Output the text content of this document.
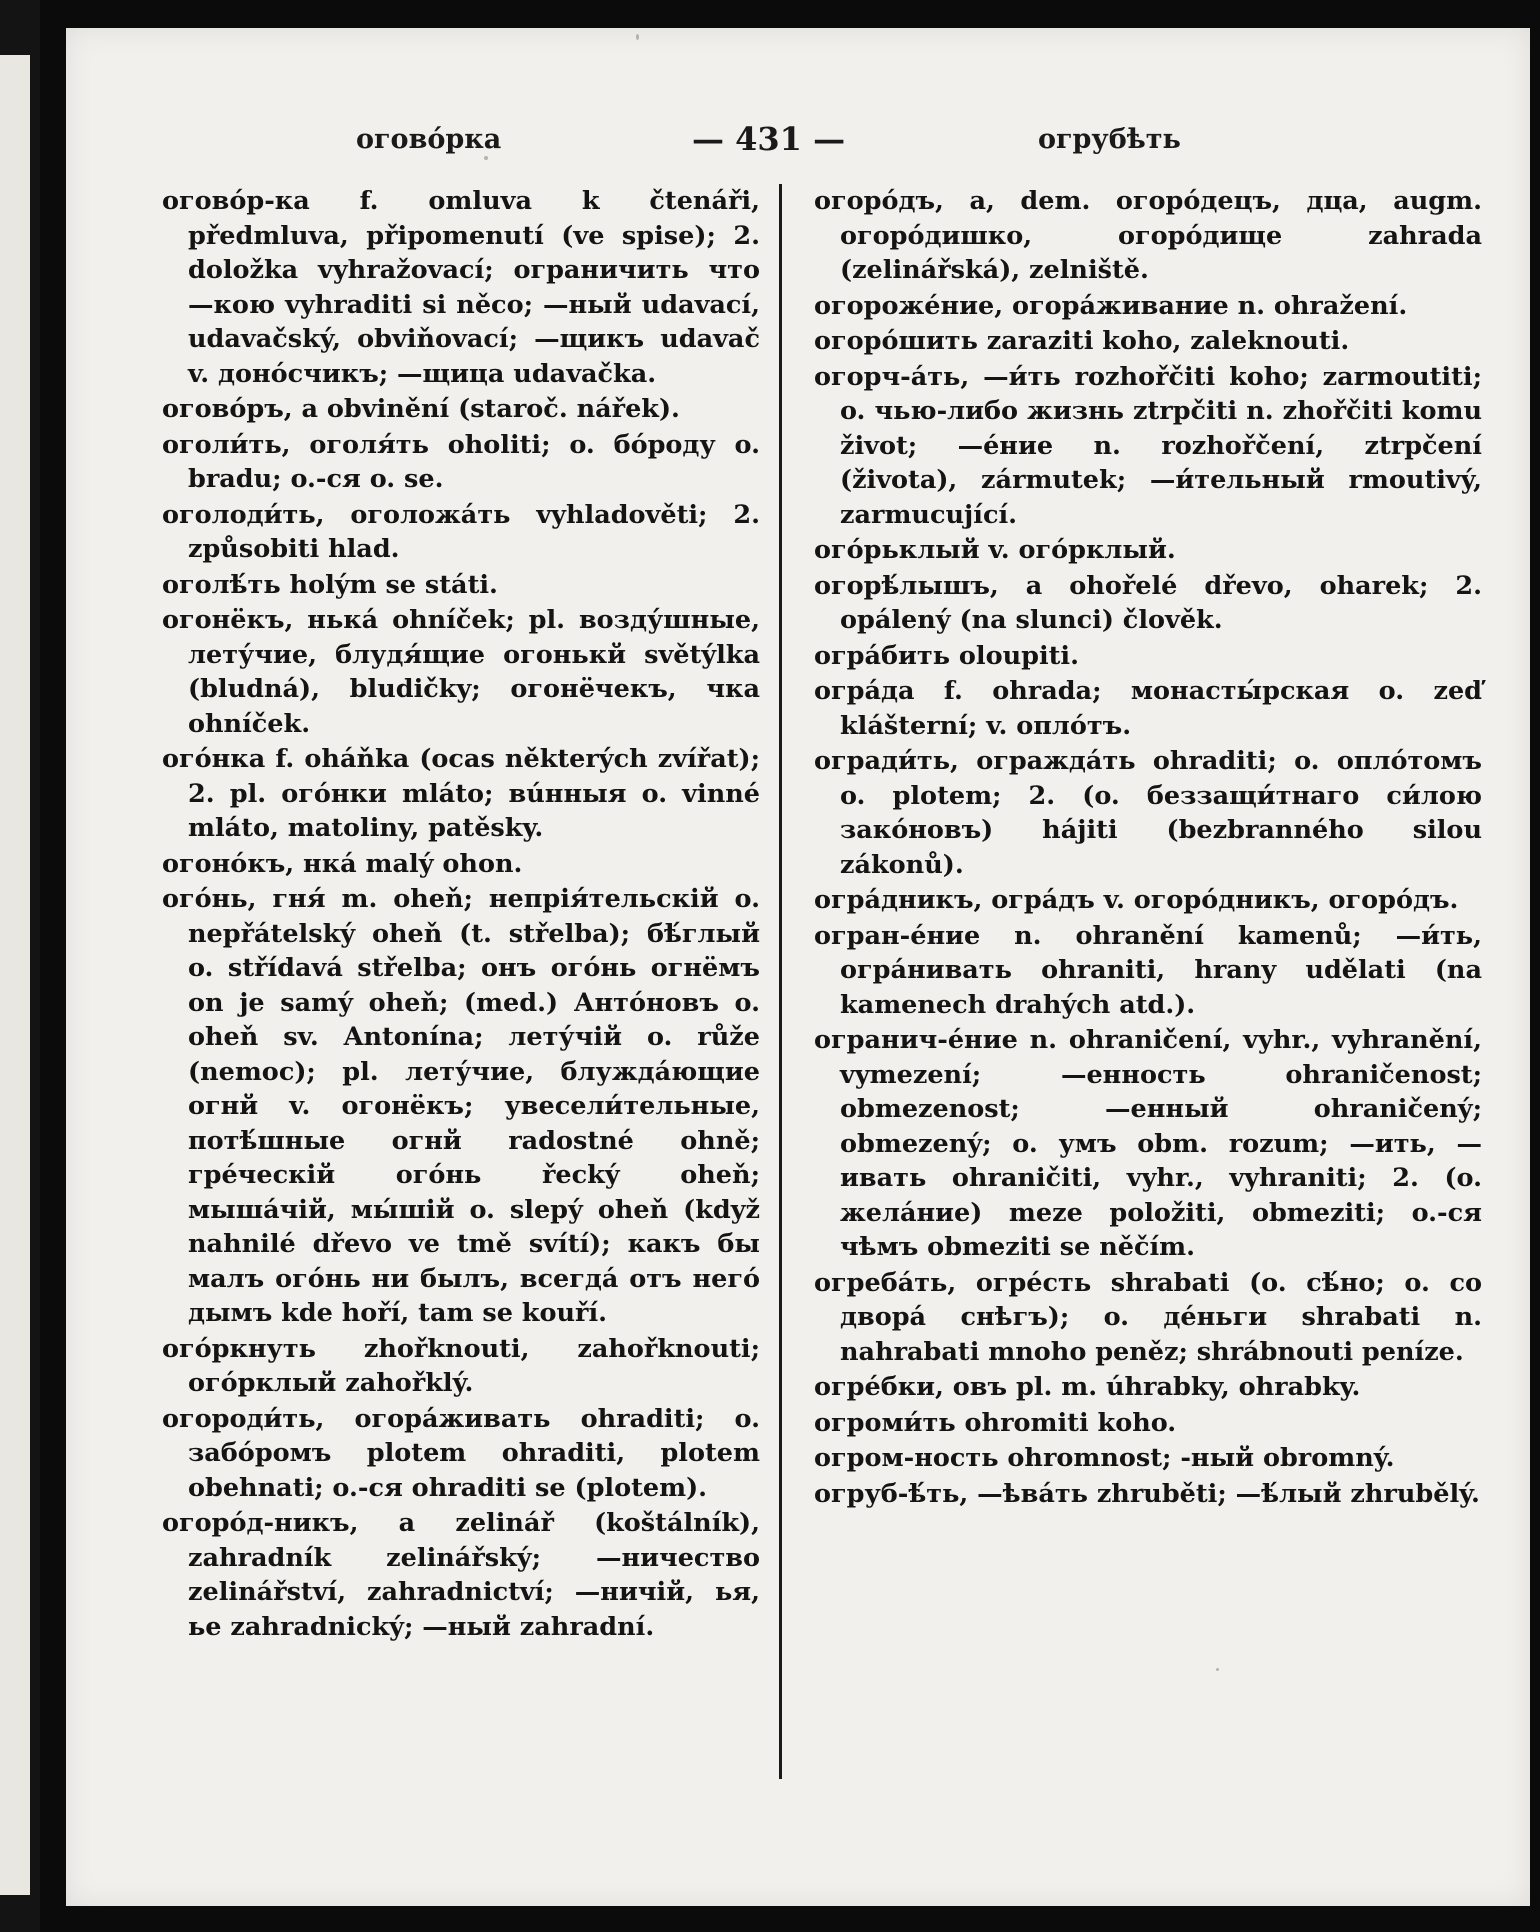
оговóрка	— 431 —	огрубѣть

оговóр-ка f. omluva k čtenáři, předmluva, připomenutí (ve spise); 2. doložka vyhražovací; ограничить что —кою vyhraditi si něco; —ный udavací, udavačský, obviňovací; —щикъ udavač v. донóсчикъ; —щица udavačka.

оговóръ, a obvinění (staroč. nářek).

оголи́ть, оголя́ть oholiti; o. бóроду o. bradu; o.-ся o. se.

оголоди́ть, оголожа́ть vyhladověti; 2. způsobiti hlad.

оголѣ́ть holým se státi.

огонёкъ, нька́ ohníček; pl. возду́шные, лету́чие, блудя́щие огонькй světýlka (bludná), bludičky; огонёчекъ, чка ohníček.

огóнка f. oháňka (ocas některých zvířat); 2. pl. огóнки mláto; вúнныя o. vinné mláto, matoliny, patěsky.

огонóкъ, нка́ malý ohon.

огóнь, гня́ m. oheň; непрія́тельскій o. nepřátelský oheň (t. střelba); бѣ́глый o. střídavá střelba; онъ огóнь огнёмъ on je samý oheň; (med.) Антóновъ o. oheň sv. Antonína; лету́чій o. růže (nemoc); pl. лету́чие, блужда́ющие огнй v. огонёкъ; увесели́тельные, потѣ́шные огнй radostné ohně; грéческій огóнь řecký oheň; мышáчій, мы́шій o. slepý oheň (když nahnilé dřevo ve tmě svítí); какъ бы малъ огóнь ни былъ, всегдá отъ негó дымъ kde hoří, tam se kouří.

огóркнуть zhořknouti, zahořknouti; огóрклый zahořklý.

огороди́ть, огора́живать ohraditi; o. забóромъ plotem ohraditi, plotem obehnati; o.-ся ohraditi se (plotem).

огорóд-никъ, a zelinář (koštálník), zahradník zelinářský; —ничество zelinářství, zahradnictví; —ничій, ья, ье zahradnický; —ный zahradní.

огорóдъ, a, dem. огорóдецъ, дца, augm. огорóдишко, огорóдище zahrada (zelinářská), zelniště.

огорожéние, огора́живание n. ohražení.

огорóшить zaraziti koho, zaleknouti.

огорч-áть, —и́ть rozhořčiti koho; zarmoutiti; o. чью-либо жизнь ztrpčiti n. zhořčiti komu život; —éние n. rozhořčení, ztrpčení (života), zármutek; —и́тельный rmoutivý, zarmucující.

огóрьклый v. огóрклый.

огорѣ́лышъ, a ohořelé dřevo, oharek; 2. opálený (na slunci) člověk.

огра́бить oloupiti.

огра́да f. ohrada; монасты́рская o. zeď klášterní; v. оплóтъ.

огради́ть, огражда́ть ohraditi; o. оплóтомъ o. plotem; 2. (o. беззащи́тнаго си́лою закóновъ) hájiti (bezbranného silou zákonů).

огра́дникъ, огра́дъ v. огорóдникъ, огорóдъ.

огран-éние n. ohranění kamenů; —и́ть, огра́нивать ohraniti, hrany udělati (na kamenech drahých atd.).

огранич-éние n. ohraničení, vyhr., vyhranění, vymezení; —енность ohraničenost; obmezenost; —енный ohraničený; obmezený; o. умъ obm. rozum; —ить, —ивать ohraničiti, vyhr., vyhraniti; 2. (o. желáние) meze položiti, obmeziti; o.-ся чѣмъ obmeziti se něčím.

огребáть, огрéсть shrabati (o. сѣ́но; o. со дворá снѣгъ); o. дéньги shrabati n. nahrabati mnoho peněz; shrábnouti peníze.

огрéбки, овъ pl. m. úhrabky, ohrabky.

огроми́ть ohromiti koho.

огром-ность ohromnost; -ный obromný.

огруб-ѣ́ть, —ѣвáть zhruběti; —ѣ́лый zhrubělý.
